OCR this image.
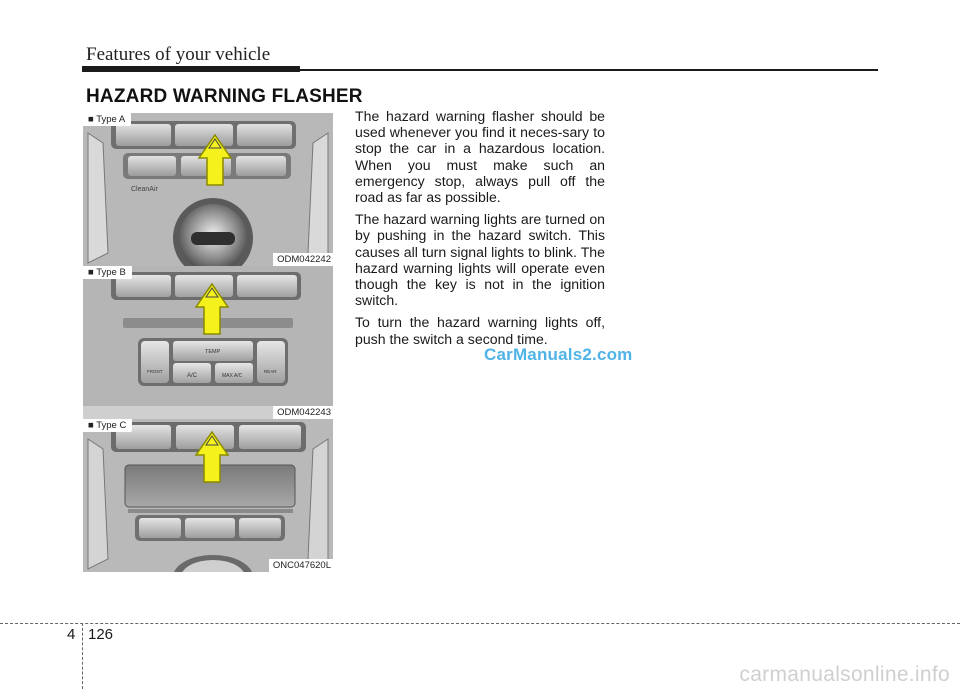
Features of your vehicle
HAZARD WARNING FLASHER
CleanAir
■ Type A
ODM042242
TEMP
FRONT
A/C	MAX A/C
REAR
■ Type B
ODM042243
■ Type C
ONC047620L

The hazard warning flasher should be used whenever you find it neces-sary to stop the car in a hazardous location. When you must make such an emergency stop, always pull off the road as far as possible.

The hazard warning lights are turned on by pushing in the hazard switch. This causes all turn signal lights to blink. The hazard warning lights will operate even though the key is not in the ignition switch.

To turn the hazard warning lights off, push the switch a second time.

CarManuals2.com
4 126
carmanualsonline.info
